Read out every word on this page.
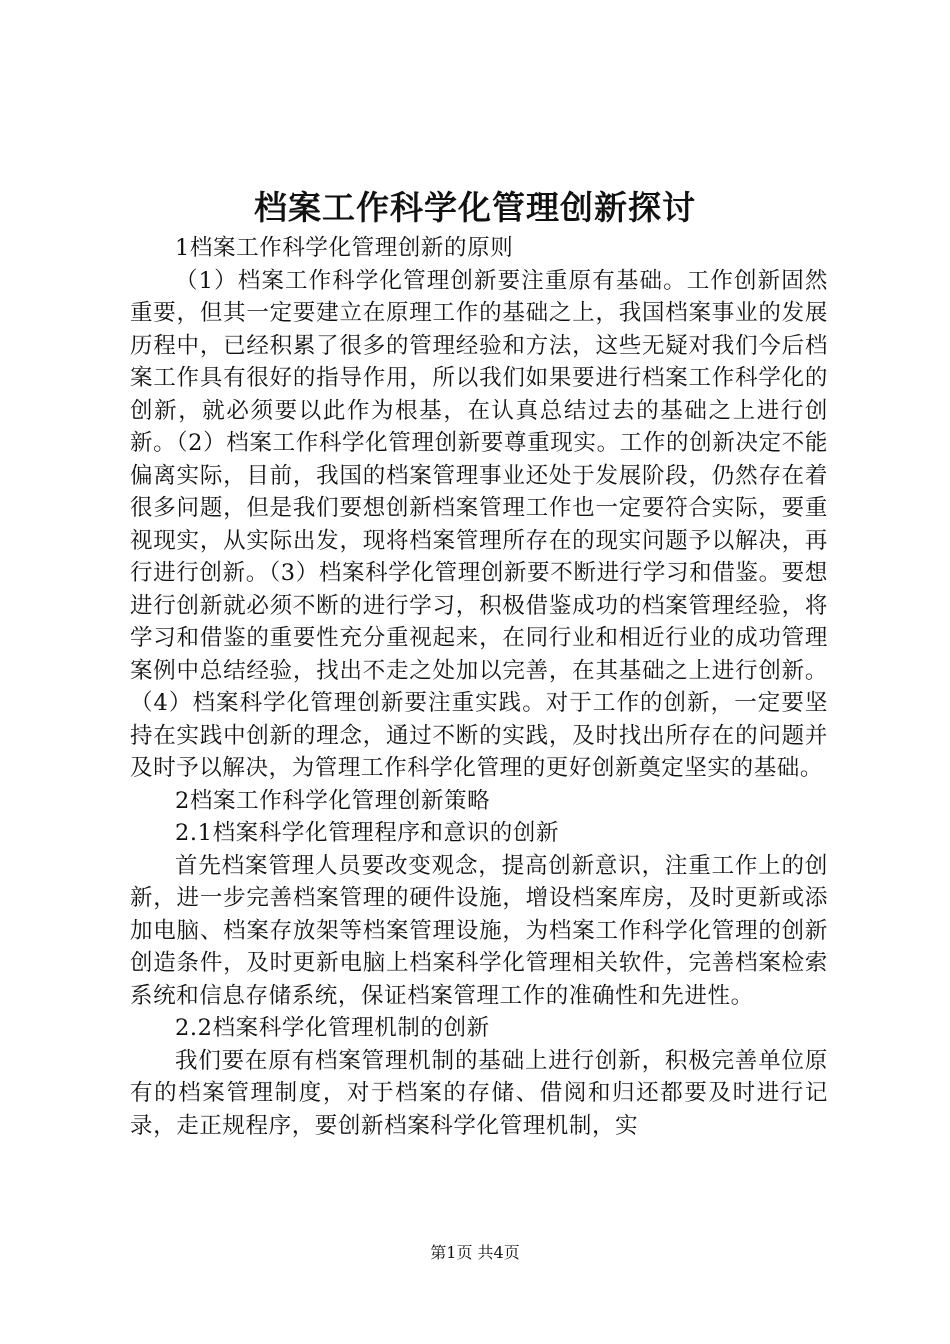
档案工作科学化管理创新探讨

1档案工作科学化管理创新的原则

（1）档案工作科学化管理创新要注重原有基础。工作创新固然重要，但其一定要建立在原理工作的基础之上，我国档案事业的发展历程中，已经积累了很多的管理经验和方法，这些无疑对我们今后档案工作具有很好的指导作用，所以我们如果要进行档案工作科学化的创新，就必须要以此作为根基，在认真总结过去的基础之上进行创新。（2）档案工作科学化管理创新要尊重现实。工作的创新决定不能偏离实际，目前，我国的档案管理事业还处于发展阶段，仍然存在着很多问题，但是我们要想创新档案管理工作也一定要符合实际，要重视现实，从实际出发，现将档案管理所存在的现实问题予以解决，再行进行创新。（3）档案科学化管理创新要不断进行学习和借鉴。要想进行创新就必须不断的进行学习，积极借鉴成功的档案管理经验，将学习和借鉴的重要性充分重视起来，在同行业和相近行业的成功管理案例中总结经验，找出不走之处加以完善，在其基础之上进行创新。（4）档案科学化管理创新要注重实践。对于工作的创新，一定要坚持在实践中创新的理念，通过不断的实践，及时找出所存在的问题并及时予以解决，为管理工作科学化管理的更好创新奠定坚实的基础。

2档案工作科学化管理创新策略

2.1档案科学化管理程序和意识的创新

首先档案管理人员要改变观念，提高创新意识，注重工作上的创新，进一步完善档案管理的硬件设施，增设档案库房，及时更新或添加电脑、档案存放架等档案管理设施，为档案工作科学化管理的创新创造条件，及时更新电脑上档案科学化管理相关软件，完善档案检索系统和信息存储系统，保证档案管理工作的准确性和先进性。

2.2档案科学化管理机制的创新

我们要在原有档案管理机制的基础上进行创新，积极完善单位原有的档案管理制度，对于档案的存储、借阅和归还都要及时进行记录，走正规程序，要创新档案科学化管理机制，实

第1页 共4页
